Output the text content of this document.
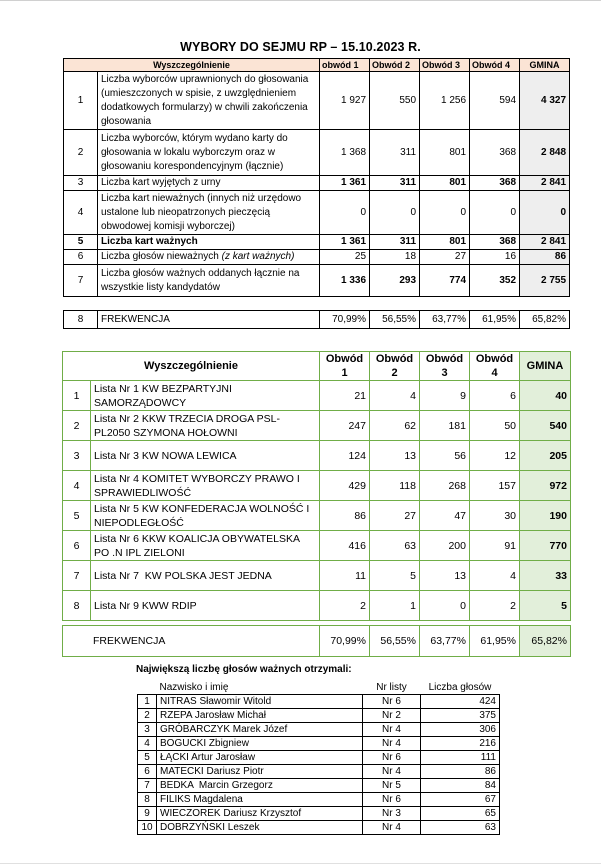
WYBORY DO SEJMU RP – 15.10.2023 R.
Wyszczególnienie		obwód 1	Obwód 2	Obwód 3	Obwód 4	GMINA
1	Liczba wyborców uprawnionych do głosowania (umieszczonych w spisie, z uwzględnieniem dodatkowych formularzy) w chwili zakończenia głosowania	1 927	550	1 256	594	4 327
2	Liczba wyborców, którym wydano karty do głosowania w lokalu wyborczym oraz w głosowaniu korespondencyjnym (łącznie)	1 368	311	801	368	2 848
3	Liczba kart wyjętych z urny	1 361	311	801	368	2 841
4	Liczba kart nieważnych (innych niż urzędowo ustalone lub nieopatrzonych pieczęcią obwodowej komisji wyborczej)	0	0	0	0	0
5	Liczba kart ważnych	1 361	311	801	368	2 841
6	Liczba głosów nieważnych (z kart ważnych)	25	18	27	16	86
7	Liczba głosów ważnych oddanych łącznie na wszystkie listy kandydatów	1 336	293	774	352	2 755
8	FREKWENCJA	70,99%	56,55%	63,77%	61,95%	65,82%
Wyszczególnienie		Obwód 1	Obwód 2	Obwód 3	Obwód 4	GMINA
1	Lista Nr 1 KW BEZPARTYJNI SAMORZĄDOWCY	21	4	9	6	40
2	Lista Nr 2 KKW TRZECIA DROGA PSL-PL2050 SZYMONA HOŁOWNI	247	62	181	50	540
3	Lista Nr 3 KW NOWA LEWICA	124	13	56	12	205
4	Lista Nr 4 KOMITET WYBORCZY PRAWO I SPRAWIEDLIWOŚĆ	429	118	268	157	972
5	Lista Nr 5 KW KONFEDERACJA WOLNOŚĆ I NIEPODLEGŁOŚĆ	86	27	47	30	190
6	Lista Nr 6 KKW KOALICJA OBYWATELSKA PO .N IPL ZIELONI	416	63	200	91	770
7	Lista Nr 7  KW POLSKA JEST JEDNA	11	5	13	4	33
8	Lista Nr 9 KWW RDIP	2	1	0	2	5
FREKWENCJA	70,99%	56,55%	63,77%	61,95%	65,82%
Największą liczbę głosów ważnych otrzymali:
	Nazwisko i imię	Nr listy	Liczba głosów
1	NITRAS Sławomir Witold	Nr 6	424
2	RZEPA Jarosław Michał	Nr 2	375
3	GRÓBARCZYK Marek Józef	Nr 4	306
4	BOGUCKI Zbigniew	Nr 4	216
5	ŁĄCKI Artur Jarosław	Nr 6	111
6	MATECKI Dariusz Piotr	Nr 4	86
7	BEDKA  Marcin Grzegorz	Nr 5	84
8	FILIKS Magdalena	Nr 6	67
9	WIECZOREK Dariusz Krzysztof	Nr 3	65
10	DOBRZYŃSKI Leszek	Nr 4	63
